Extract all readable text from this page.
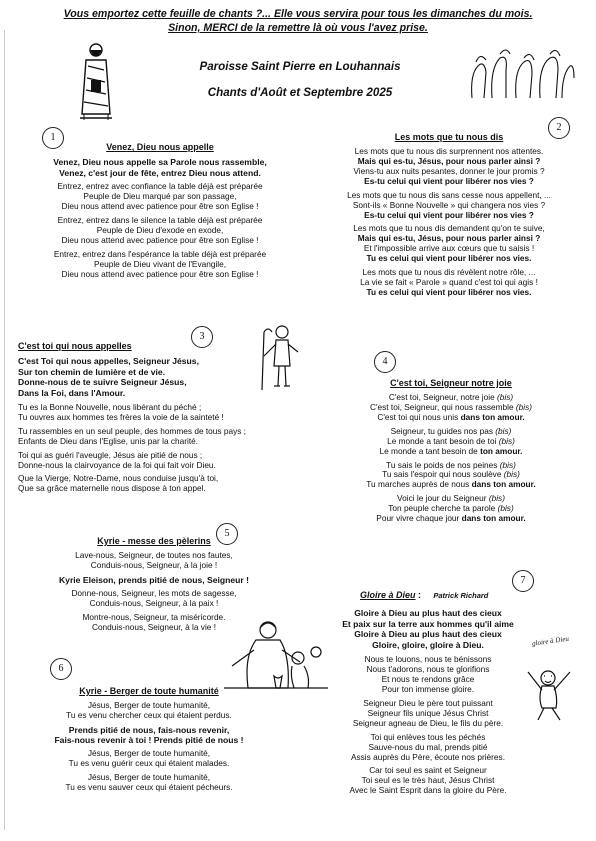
Vous emportez cette feuille de chants ?... Elle vous servira pour tous les dimanches du mois.
Sinon, MERCI de la remettre là où vous l'avez prise.
Paroisse Saint Pierre en Louhannais
Chants d'Août et Septembre 2025
1
Venez, Dieu nous appelle
Venez, Dieu nous appelle sa Parole nous rassemble,
Venez, c'est jour de fête, entrez Dieu nous attend.
Entrez, entrez avec confiance la table déjà est préparée
Peuple de Dieu marqué par son passage,
Dieu nous attend avec patience pour être son Eglise !
Entrez, entrez dans le silence la table déjà est préparée
Peuple de Dieu d'exode en exode,
Dieu nous attend avec patience pour être son Eglise !
Entrez, entrez dans l'espérance la table déjà est préparée
Peuple de Dieu vivant de l'Evangile,
Dieu nous attend avec patience pour être son Eglise !
2
Les mots que tu nous dis
Les mots que tu nous dis surprennent nos attentes.
Mais qui es-tu, Jésus, pour nous parler ainsi ?
Viens-tu aux nuits pesantes, donner le jour promis ?
Es-tu celui qui vient pour libérer nos vies ?
Les mots que tu nous dis sans cesse nous appellent, ...
Sont-ils « Bonne Nouvelle » qui changera nos vies ?
Es-tu celui qui vient pour libérer nos vies ?
Les mots que tu nous dis demandent qu'on te suive,
Mais qui es-tu, Jésus, pour nous parler ainsi ?
Et l'impossible arrive aux cœurs que tu saisis !
Tu es celui qui vient pour libérer nos vies.
Les mots que tu nous dis révèlent notre rôle, ...
La vie se fait « Parole » quand c'est toi qui agis !
Tu es celui qui vient pour libérer nos vies.
3
C'est toi qui nous appelles
C'est Toi qui nous appelles, Seigneur Jésus,
Sur ton chemin de lumière et de vie.
Donne-nous de te suivre Seigneur Jésus,
Dans la Foi, dans l'Amour.
Tu es la Bonne Nouvelle, nous libérant du péché ;
Tu ouvres aux hommes tes frères la voie de la sainteté !
Tu rassembles en un seul peuple, des hommes de tous pays ;
Enfants de Dieu dans l'Eglise, unis par la charité.
Toi qui as guéri l'aveugle, Jésus aie pitié de nous ;
Donne-nous la clairvoyance de la foi qui fait voir Dieu.
Que la Vierge, Notre-Dame, nous conduise jusqu'à toi,
Que sa grâce maternelle nous dispose à ton appel.
4
C'est toi, Seigneur notre joie
C'est toi, Seigneur, notre joie (bis)
C'est toi, Seigneur, qui nous rassemble (bis)
C'est toi qui nous unis dans ton amour.
Seigneur, tu guides nos pas (bis)
Le monde a tant besoin de toi (bis)
Le monde a tant besoin de ton amour.
Tu sais le poids de nos peines (bis)
Tu sais l'espoir qui nous soulève (bis)
Tu marches auprès de nous dans ton amour.
Voici le jour du Seigneur (bis)
Ton peuple cherche ta parole (bis)
Pour vivre chaque jour dans ton amour.
5
Kyrie - messe des pèlerins
Lave-nous, Seigneur, de toutes nos fautes,
Conduis-nous, Seigneur, à la joie !
Kyrie Eleison, prends pitié de nous, Seigneur !
Donne-nous, Seigneur, les mots de sagesse,
Conduis-nous, Seigneur, à la paix !
Montre-nous, Seigneur, ta miséricorde.
Conduis-nous, Seigneur, à la vie !
6
Kyrie - Berger de toute humanité
Jésus, Berger de toute humanité,
Tu es venu chercher ceux qui étaient perdus.
Prends pitié de nous, fais-nous revenir,
Fais-nous revenir à toi ! Prends pitié de nous !
Jésus, Berger de toute humanité,
Tu es venu guérir ceux qui étaient malades.
Jésus, Berger de toute humanité,
Tu es venu sauver ceux qui étaient pécheurs.
7
Gloire à Dieu : Patrick Richard
Gloire à Dieu au plus haut des cieux
Et paix sur la terre aux hommes qu'il aime
Gloire à Dieu au plus haut des cieux
Gloire, gloire, gloire à Dieu.
Nous te louons, nous te bénissons
Nous t'adorons, nous te glorifions
Et nous te rendons grâce
Pour ton immense gloire.
Seigneur Dieu le père tout puissant
Seigneur fils unique Jésus Christ
Seigneur agneau de Dieu, le fils du père.
Toi qui enlèves tous les péchés
Sauve-nous du mal, prends pitié
Assis auprès du Père, écoute nos prières.
Car toi seul es saint et Seigneur
Toi seul es le très haut, Jésus Christ
Avec le Saint Esprit dans la gloire du Père.
gloire à Dieu
